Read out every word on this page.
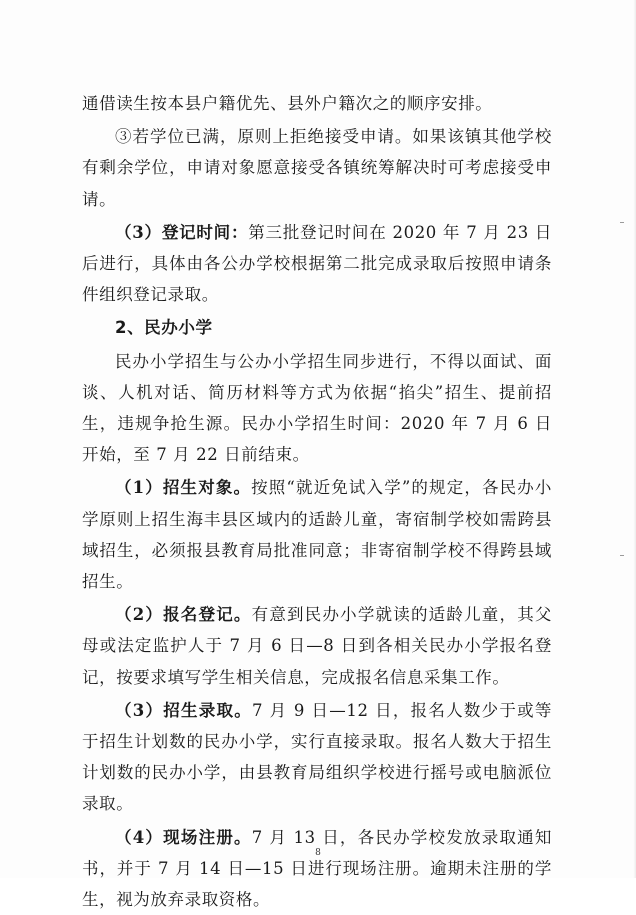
通借读生按本县户籍优先、县外户籍次之的顺序安排。

③若学位已满，原则上拒绝接受申请。如果该镇其他学校有剩余学位，申请对象愿意接受各镇统筹解决时可考虑接受申请。

（3）登记时间：第三批登记时间在 2020 年 7 月 23 日后进行，具体由各公办学校根据第二批完成录取后按照申请条件组织登记录取。

2、民办小学

民办小学招生与公办小学招生同步进行，不得以面试、面谈、人机对话、简历材料等方式为依据“掐尖”招生、提前招生，违规争抢生源。民办小学招生时间：2020 年 7 月 6 日开始，至 7 月 22 日前结束。

（1）招生对象。按照“就近免试入学”的规定，各民办小学原则上招生海丰县区域内的适龄儿童，寄宿制学校如需跨县域招生，必须报县教育局批准同意；非寄宿制学校不得跨县域招生。

（2）报名登记。有意到民办小学就读的适龄儿童，其父母或法定监护人于 7 月 6 日—8 日到各相关民办小学报名登记，按要求填写学生相关信息，完成报名信息采集工作。

（3）招生录取。7 月 9 日—12 日，报名人数少于或等于招生计划数的民办小学，实行直接录取。报名人数大于招生计划数的民办小学，由县教育局组织学校进行摇号或电脑派位录取。

（4）现场注册。7 月 13 日，各民办学校发放录取通知书，并于 7 月 14 日—15 日进行现场注册。逾期未注册的学生，视为放弃录取资格。

8
